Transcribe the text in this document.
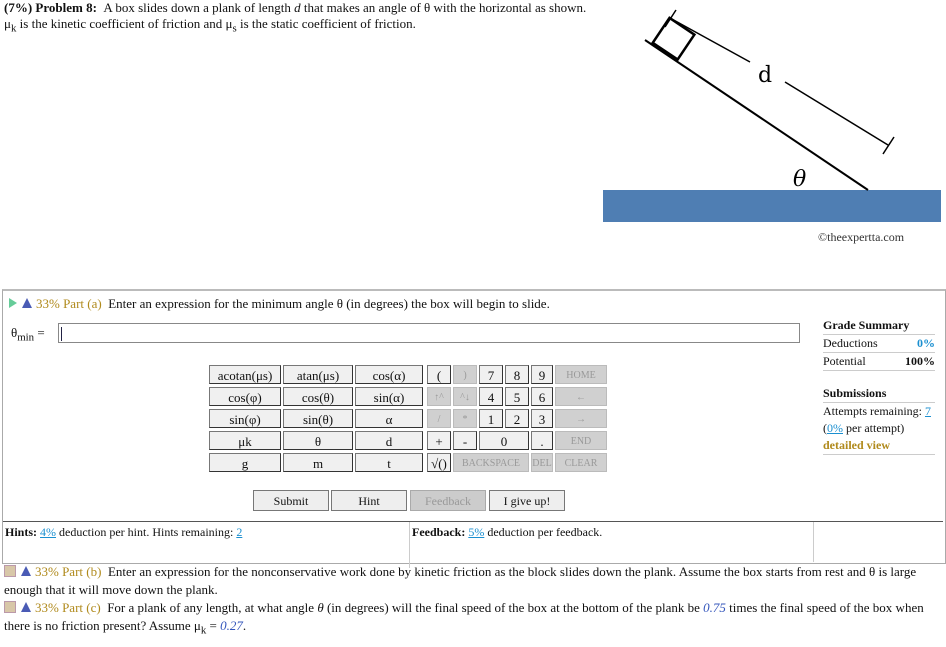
(7%) Problem 8: A box slides down a plank of length d that makes an angle of θ with the horizontal as shown. $\mu_k$ is the kinetic coefficient of friction and $\mu_s$ is the static coefficient of friction.
d
θ
©theexpertta.com
33% Part (a) Enter an expression for the minimum angle θ (in degrees) the box will begin to slide.
$\theta_{min}$ =
acotan(μs)	atan(μs)	cos(α)	(	)	7	8	9	HOME
cos(φ)	cos(θ)	sin(α)	↑^	^↓	4	5	6	←
sin(φ)	sin(θ)	α	/	*	1	2	3	→
μk	θ	d	+	-	0	.	END
g	m	t	√()	BACKSPACE	DEL	CLEAR
Submit	Hint	Feedback	I give up!
Grade Summary
Deductions	0%
Potential	100%
Submissions
Attempts remaining: 7
(0% per attempt)
detailed view
Hints: 4% deduction per hint. Hints remaining: 2	Feedback: 5% deduction per feedback.
33% Part (b) Enter an expression for the nonconservative work done by kinetic friction as the block slides down the plank. Assume the box starts from rest and θ is large enough that it will move down the plank.
33% Part (c) For a plank of any length, at what angle θ (in degrees) will the final speed of the box at the bottom of the plank be 0.75 times the final speed of the box when there is no friction present? Assume $\mu_k = 0.27$.
